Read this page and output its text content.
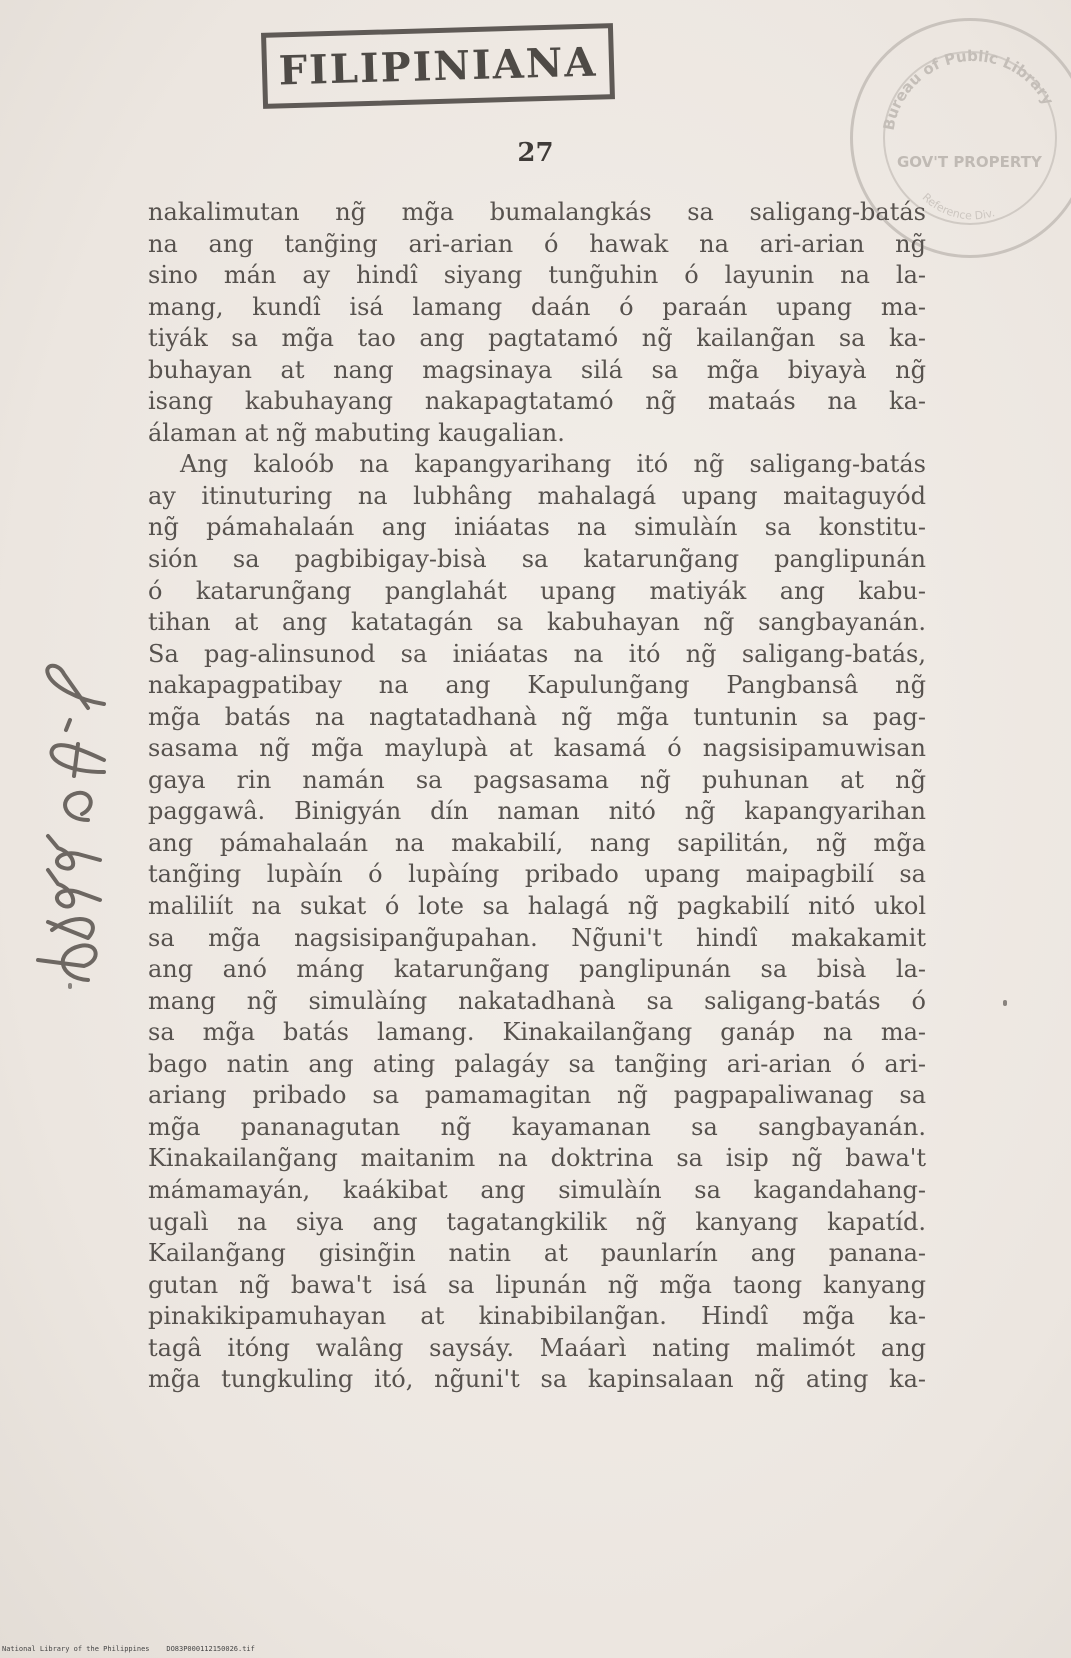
FILIPINIANA
Bureau of Public Library
GOV'T PROPERTY
Reference Div.
27
nakalimutan ng̃ mg̃a bumalangkás sa saligang-batás
na ang tang̃ing ari-arian ó hawak na ari-arian ng̃
sino mán ay hindî siyang tung̃uhin ó layunin na la-
mang, kundî isá lamang daán ó paraán upang ma-
tiyák sa mg̃a tao ang pagtatamó ng̃ kailang̃an sa ka-
buhayan at nang magsinaya silá sa mg̃a biyayà ng̃
isang kabuhayang nakapagtatamó ng̃ mataás na ka-
álaman at ng̃ mabuting kaugalian.
Ang kaloób na kapangyarihang itó ng̃ saligang-batás
ay itinuturing na lubhâng mahalagá upang maitaguyód
ng̃ pámahalaán ang iniáatas na simulàín sa konstitu-
sión sa pagbibigay-bisà sa katarung̃ang panglipunán
ó katarung̃ang panglahát upang matiyák ang kabu-
tihan at ang katatagán sa kabuhayan ng̃ sangbayanán.
Sa pag-alinsunod sa iniáatas na itó ng̃ saligang-batás,
nakapagpatibay na ang Kapulung̃ang Pangbansâ ng̃
mg̃a batás na nagtatadhanà ng̃ mg̃a tuntunin sa pag-
sasama ng̃ mg̃a maylupà at kasamá ó nagsisipamuwisan
gaya rin namán sa pagsasama ng̃ puhunan at ng̃
paggawâ. Binigyán dín naman nitó ng̃ kapangyarihan
ang pámahalaán na makabilí, nang sapilitán, ng̃ mg̃a
tang̃ing lupàín ó lupàíng pribado upang maipagbilí sa
maliliít na sukat ó lote sa halagá ng̃ pagkabilí nitó ukol
sa mg̃a nagsisipang̃upahan. Ng̃uni't hindî makakamit
ang anó máng katarung̃ang panglipunán sa bisà la-
mang ng̃ simulàíng nakatadhanà sa saligang-batás ó
sa mg̃a batás lamang. Kinakailang̃ang ganáp na ma-
bago natin ang ating palagáy sa tang̃ing ari-arian ó ari-
ariang pribado sa pamamagitan ng̃ pagpapaliwanag sa
mg̃a pananagutan ng̃ kayamanan sa sangbayanán.
Kinakailang̃ang maitanim na doktrina sa isip ng̃ bawa't
mámamayán, kaákibat ang simulàín sa kagandahang-
ugalì na siya ang tagatangkilik ng̃ kanyang kapatíd.
Kailang̃ang gising̃in natin at paunlarín ang panana-
gutan ng̃ bawa't isá sa lipunán ng̃ mg̃a taong kanyang
pinakikipamuhayan at kinabibilang̃an. Hindî mg̃a ka-
tagâ itóng walâng saysáy. Maáarì nating malimót ang
mg̃a tungkuling itó, ng̃uni't sa kapinsalaan ng̃ ating ka-
National Library of the Philippines    DO83P000112150026.tif
